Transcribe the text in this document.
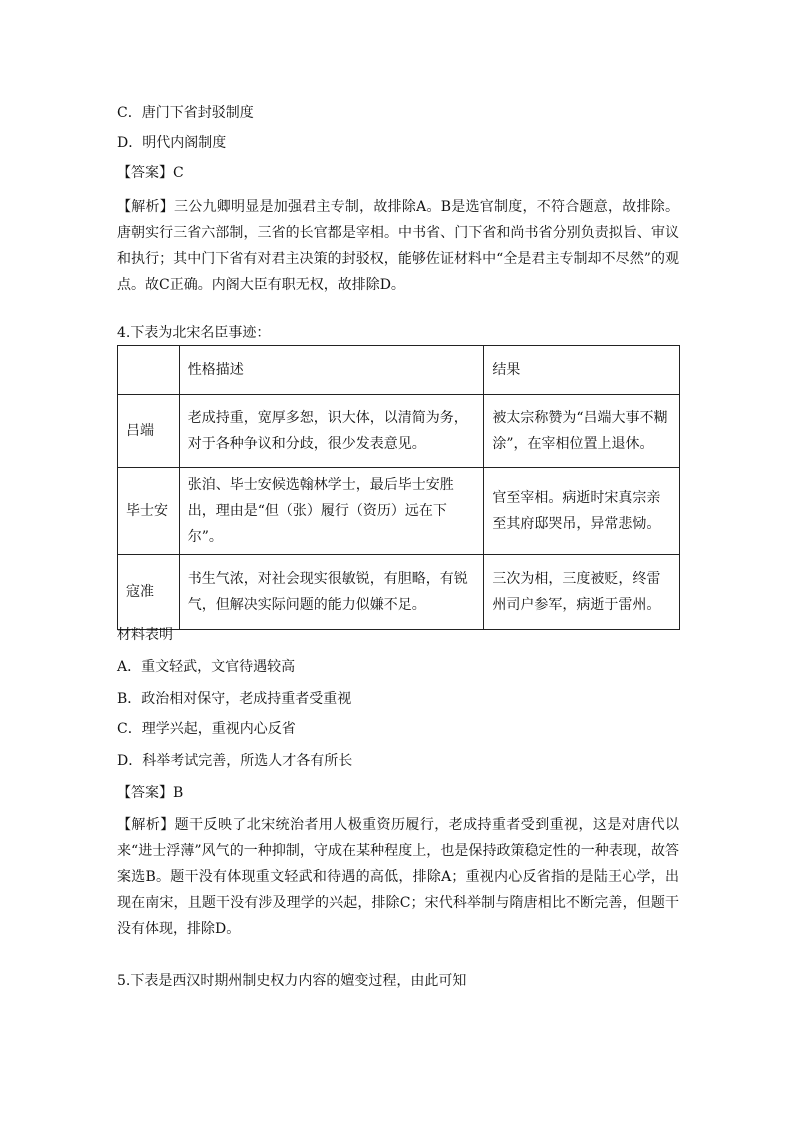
C．唐门下省封驳制度
D．明代内阁制度
【答案】C
【解析】三公九卿明显是加强君主专制，故排除A。B是选官制度，不符合题意，故排除。唐朝实行三省六部制，三省的长官都是宰相。中书省、门下省和尚书省分别负责拟旨、审议和执行；其中门下省有对君主决策的封驳权，能够佐证材料中“全是君主专制却不尽然”的观点。故C正确。内阁大臣有职无权，故排除D。
4.下表为北宋名臣事迹：
	性格描述	结果
吕端	老成持重，宽厚多恕，识大体，以清简为务，对于各种争议和分歧，很少发表意见。	被太宗称赞为“吕端大事不糊涂”，在宰相位置上退休。
毕士安	张洎、毕士安候选翰林学士，最后毕士安胜出，理由是“但（张）履行（资历）远在下尔”。	官至宰相。病逝时宋真宗亲至其府邸哭吊，异常悲恸。
寇准	书生气浓，对社会现实很敏锐，有胆略，有锐气，但解决实际问题的能力似嫌不足。	三次为相，三度被贬，终雷州司户参军，病逝于雷州。
材料表明
A．重文轻武，文官待遇较高
B．政治相对保守，老成持重者受重视
C．理学兴起，重视内心反省
D．科举考试完善，所选人才各有所长
【答案】B
【解析】题干反映了北宋统治者用人极重资历履行，老成持重者受到重视，这是对唐代以来“进士浮薄”风气的一种抑制，守成在某种程度上，也是保持政策稳定性的一种表现，故答案选B。题干没有体现重文轻武和待遇的高低，排除A；重视内心反省指的是陆王心学，出现在南宋，且题干没有涉及理学的兴起，排除C；宋代科举制与隋唐相比不断完善，但题干没有体现，排除D。
5.下表是西汉时期州制史权力内容的嬗变过程，由此可知
